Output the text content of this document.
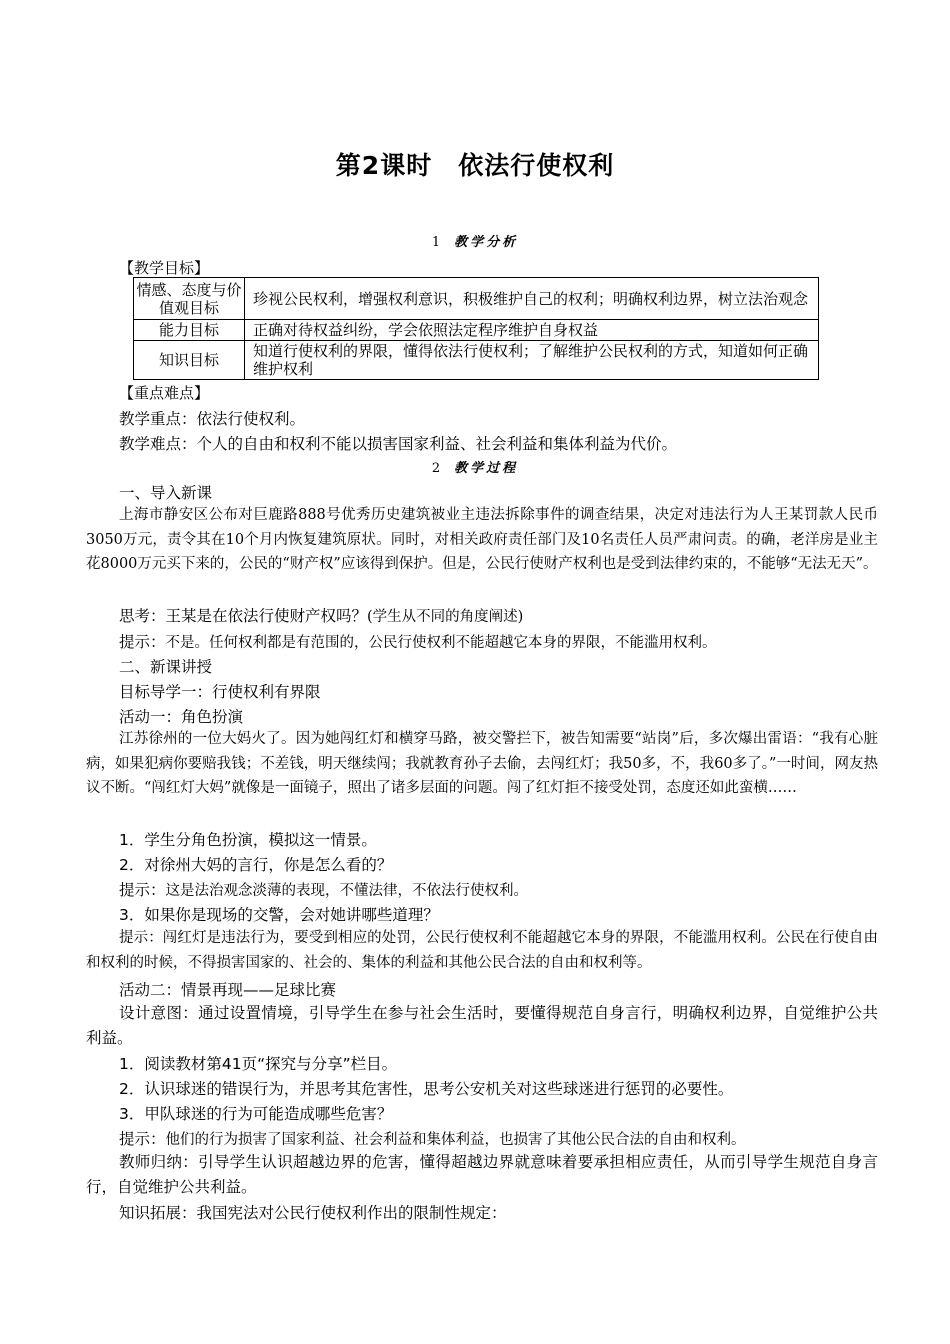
第2课时　依法行使权利
1 教学分析
【教学目标】
情感、态度与价值观目标	珍视公民权利，增强权利意识，积极维护自己的权利；明确权利边界，树立法治观念
能力目标	正确对待权益纠纷，学会依照法定程序维护自身权益
知识目标	知道行使权利的界限，懂得依法行使权利；了解维护公民权利的方式，知道如何正确维护权利
【重点难点】
教学重点：依法行使权利。
教学难点：个人的自由和权利不能以损害国家利益、社会利益和集体利益为代价。
2 教学过程
一、导入新课
上海市静安区公布对巨鹿路888号优秀历史建筑被业主违法拆除事件的调查结果，决定对违法行为人王某罚款人民币3050万元，责令其在10个月内恢复建筑原状。同时，对相关政府责任部门及10名责任人员严肃问责。的确，老洋房是业主花8000万元买下来的，公民的“财产权”应该得到保护。但是，公民行使财产权利也是受到法律约束的，不能够“无法无天”。
思考：王某是在依法行使财产权吗？(学生从不同的角度阐述)
提示：不是。任何权利都是有范围的，公民行使权利不能超越它本身的界限，不能滥用权利。
二、新课讲授
目标导学一：行使权利有界限
活动一：角色扮演
江苏徐州的一位大妈火了。因为她闯红灯和横穿马路，被交警拦下，被告知需要“站岗”后，多次爆出雷语：“我有心脏病，如果犯病你要赔我钱；不差钱，明天继续闯；我就教育孙子去偷，去闯红灯；我50多，不，我60多了。”一时间，网友热议不断。“闯红灯大妈”就像是一面镜子，照出了诸多层面的问题。闯了红灯拒不接受处罚，态度还如此蛮横……
1．学生分角色扮演，模拟这一情景。
2．对徐州大妈的言行，你是怎么看的？
提示：这是法治观念淡薄的表现，不懂法律，不依法行使权利。
3．如果你是现场的交警，会对她讲哪些道理？
提示：闯红灯是违法行为，要受到相应的处罚，公民行使权利不能超越它本身的界限，不能滥用权利。公民在行使自由和权利的时候，不得损害国家的、社会的、集体的利益和其他公民合法的自由和权利等。
活动二：情景再现——足球比赛
设计意图：通过设置情境，引导学生在参与社会生活时，要懂得规范自身言行，明确权利边界，自觉维护公共利益。
1．阅读教材第41页“探究与分享”栏目。
2．认识球迷的错误行为，并思考其危害性，思考公安机关对这些球迷进行惩罚的必要性。
3．甲队球迷的行为可能造成哪些危害？
提示：他们的行为损害了国家利益、社会利益和集体利益，也损害了其他公民合法的自由和权利。
教师归纳：引导学生认识超越边界的危害，懂得超越边界就意味着要承担相应责任，从而引导学生规范自身言行，自觉维护公共利益。
知识拓展：我国宪法对公民行使权利作出的限制性规定：
